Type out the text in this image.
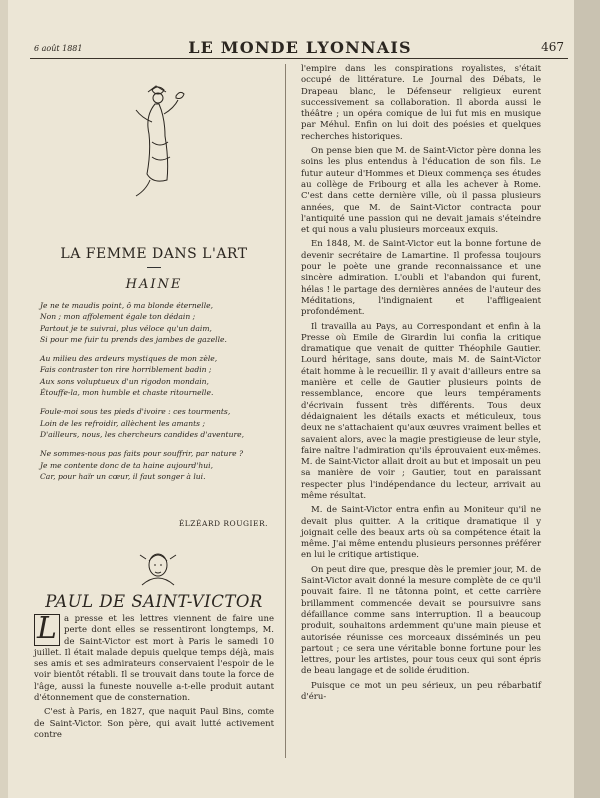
6 août 1881	LE MONDE LYONNAIS	467
LA FEMME DANS L'ART
HAINE

Je ne te maudis point, ô ma blonde éternelle,

Non ; mon affolement égale ton dédain ;

Partout je te suivrai, plus véloce qu'un daim,

Si pour me fuir tu prends des jambes de gazelle.

Au milieu des ardeurs mystiques de mon zèle,

Fais contraster ton rire horriblement badin ;

Aux sons voluptueux d'un rigodon mondain,

Étouffe-la, mon humble et chaste ritournelle.

Foule-moi sous tes pieds d'ivoire : ces tourments,

Loin de les refroidir, allèchent les amants ;

D'ailleurs, nous, les chercheurs candides d'aventure,

Ne sommes-nous pas faits pour souffrir, par nature ?

Je me contente donc de ta haine aujourd'hui,

Car, pour haïr un cœur, il faut songer à lui.

ÉLZÉARD ROUGIER.
PAUL DE SAINT-VICTOR

L a presse et les lettres viennent de faire une perte dont elles se ressentiront longtemps, M. de Saint-Victor est mort à Paris le samedi 10 juillet. Il était malade depuis quelque temps déjà, mais ses amis et ses admirateurs conservaient l'espoir de le voir bientôt rétabli. Il se trouvait dans toute la force de l'âge, aussi la funeste nouvelle a-t-elle produit autant d'étonnement que de consternation.

C'est à Paris, en 1827, que naquit Paul Bins, comte de Saint-Victor. Son père, qui avait lutté activement contre

l'empire dans les conspirations royalistes, s'était occupé de littérature. Le Journal des Débats, le Drapeau blanc, le Défenseur religieux eurent successivement sa collaboration. Il aborda aussi le théâtre ; un opéra comique de lui fut mis en musique par Méhul. Enfin on lui doit des poésies et quelques recherches historiques.

On pense bien que M. de Saint-Victor père donna les soins les plus entendus à l'éducation de son fils. Le futur auteur d'Hommes et Dieux commença ses études au collège de Fribourg et alla les achever à Rome. C'est dans cette dernière ville, où il passa plusieurs années, que M. de Saint-Victor contracta pour l'antiquité une passion qui ne devait jamais s'éteindre et qui nous a valu plusieurs morceaux exquis.

En 1848, M. de Saint-Victor eut la bonne fortune de devenir secrétaire de Lamartine. Il professa toujours pour le poète une grande reconnaissance et une sincère admiration. L'oubli et l'abandon qui furent, hélas ! le partage des dernières années de l'auteur des Méditations, l'indignaient et l'affligeaient profondément.

Il travailla au Pays, au Correspondant et enfin à la Presse où Emile de Girardin lui confia la critique dramatique que venait de quitter Théophile Gautier. Lourd héritage, sans doute, mais M. de Saint-Victor était homme à le recueillir. Il y avait d'ailleurs entre sa manière et celle de Gautier plusieurs points de ressemblance, encore que leurs tempéraments d'écrivain fussent très différents. Tous deux dédaignaient les détails exacts et méticuleux, tous deux ne s'attachaient qu'aux œuvres vraiment belles et savaient alors, avec la magie prestigieuse de leur style, faire naître l'admiration qu'ils éprouvaient eux-mêmes. M. de Saint-Victor allait droit au but et imposait un peu sa manière de voir ; Gautier, tout en paraissant respecter plus l'indépendance du lecteur, arrivait au même résultat.

M. de Saint-Victor entra enfin au Moniteur qu'il ne devait plus quitter. A la critique dramatique il y joignait celle des beaux arts où sa compétence était la même. J'ai même entendu plusieurs personnes préférer en lui le critique artistique.

On peut dire que, presque dès le premier jour, M. de Saint-Victor avait donné la mesure complète de ce qu'il pouvait faire. Il ne tâtonna point, et cette carrière brillamment commencée devait se poursuivre sans défaillance comme sans interruption. Il a beaucoup produit, souhaitons ardemment qu'une main pieuse et autorisée réunisse ces morceaux disséminés un peu partout ; ce sera une véritable bonne fortune pour les lettres, pour les artistes, pour tous ceux qui sont épris de beau langage et de solide érudition.

Puisque ce mot un peu sérieux, un peu rébarbatif d'éru-
